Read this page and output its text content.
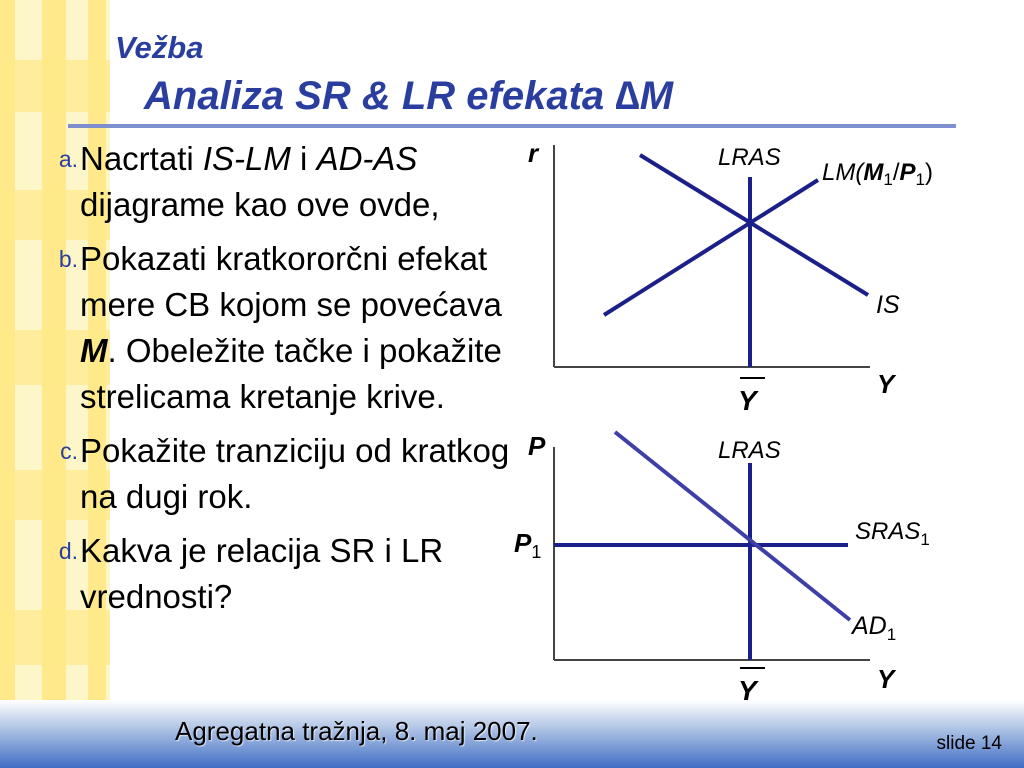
Vežba
Analiza SR & LR efekata ∆M
a. Nacrtati IS-LM i AD-AS dijagrame kao ove ovde,
b. Pokazati kratkororčni efekat mere CB kojom se povećava M. Obeležite tačke i pokažite strelicama kretanje krive.
c. Pokažite tranziciju od kratkog na dugi rok.
d. Kakva je relacija SR i LR vrednosti?
r
Y
LRAS
$LM(M_1/P_1)$
IS
Y
P
Y
LRAS
$SRAS_1$
$AD_1$
$P_1$
Y

Agregatna tražnja, 8. maj 2007.	slide 14
